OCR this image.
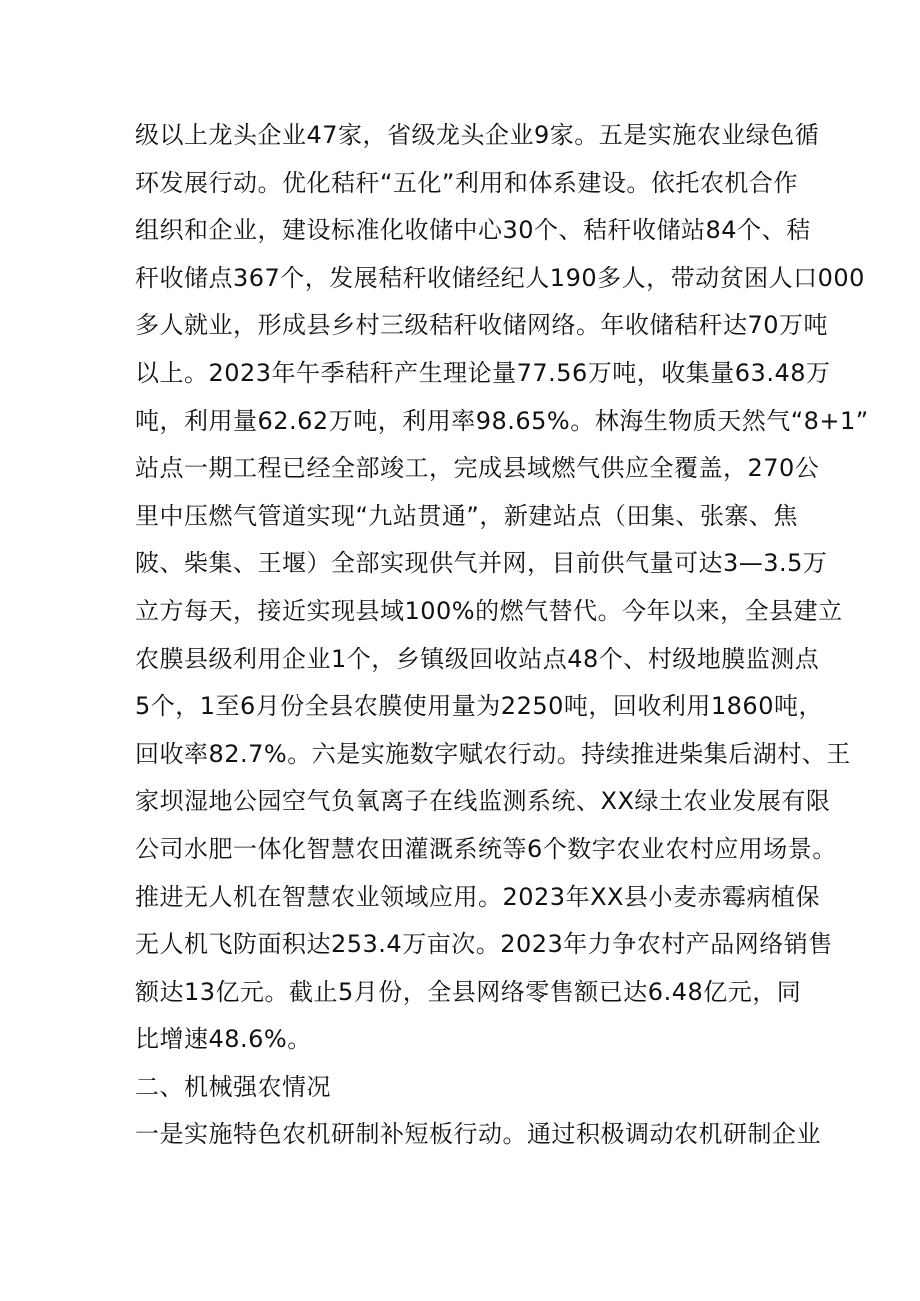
级以上龙头企业47家，省级龙头企业9家。五是实施农业绿色循
环发展行动。优化秸秆“五化”利用和体系建设。依托农机合作
组织和企业，建设标准化收储中心30个、秸秆收储站84个、秸
秆收储点367个，发展秸秆收储经纪人190多人，带动贫困人口000
多人就业，形成县乡村三级秸秆收储网络。年收储秸秆达70万吨
以上。2023年午季秸秆产生理论量77.56万吨，收集量63.48万
吨，利用量62.62万吨，利用率98.65%。林海生物质天然气“8+1”
站点一期工程已经全部竣工，完成县域燃气供应全覆盖，270公
里中压燃气管道实现“九站贯通”，新建站点（田集、张寨、焦
陂、柴集、王堰）全部实现供气并网，目前供气量可达3—3.5万
立方每天，接近实现县域100%的燃气替代。今年以来，全县建立
农膜县级利用企业1个，乡镇级回收站点48个、村级地膜监测点
5个，1至6月份全县农膜使用量为2250吨，回收利用1860吨，
回收率82.7%。六是实施数字赋农行动。持续推进柴集后湖村、王
家坝湿地公园空气负氧离子在线监测系统、XX绿土农业发展有限
公司水肥一体化智慧农田灌溉系统等6个数字农业农村应用场景。
推进无人机在智慧农业领域应用。2023年XX县小麦赤霉病植保
无人机飞防面积达253.4万亩次。2023年力争农村产品网络销售
额达13亿元。截止5月份，全县网络零售额已达6.48亿元，同
比增速48.6%。
二、机械强农情况
一是实施特色农机研制补短板行动。通过积极调动农机研制企业
